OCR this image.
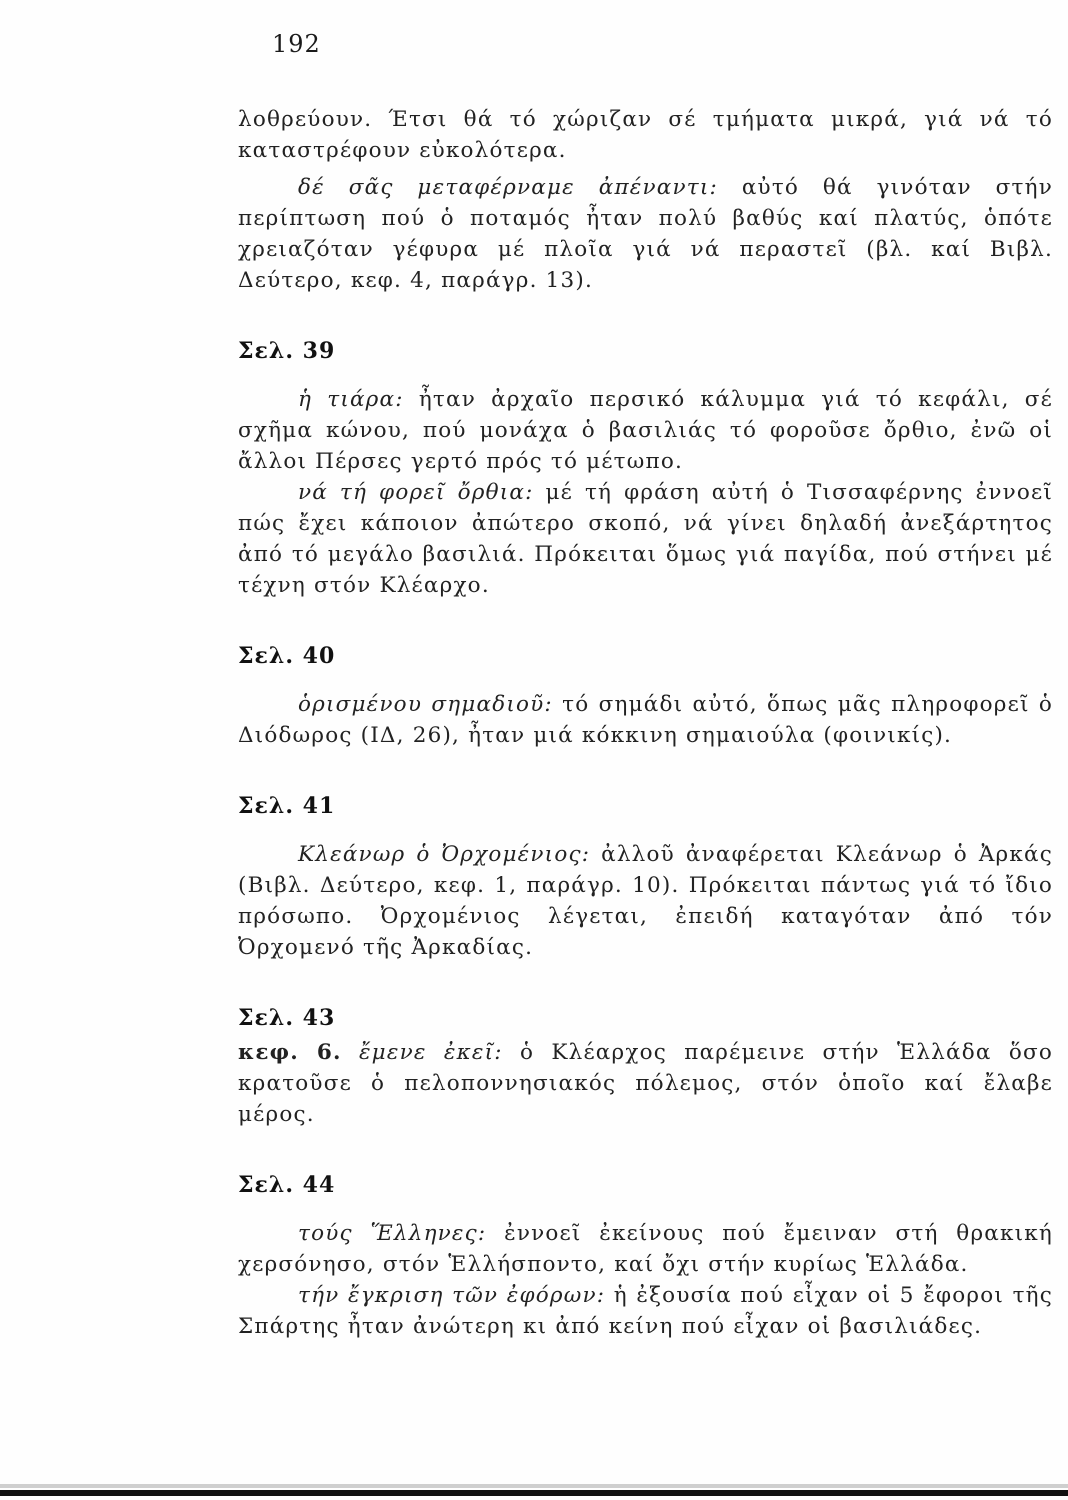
192

λοθρεύουν. Έτσι θά τό χώριζαν σέ τμήματα μικρά, γιά νά τό καταστρέφουν εὐκολότερα.

δέ σᾶς μεταφέρναμε ἀπέναντι: αὐτό θά γινόταν στήν περίπτωση πού ὁ ποταμός ἦταν πολύ βαθύς καί πλατύς, ὁπότε χρειαζόταν γέφυρα μέ πλοῖα γιά νά περαστεῖ (βλ. καί Βιβλ. Δεύτερο, κεφ. 4, παράγρ. 13).

Σελ. 39

ἡ τιάρα: ἦταν ἀρχαῖο περσικό κάλυμμα γιά τό κεφάλι, σέ σχῆμα κώνου, πού μονάχα ὁ βασιλιάς τό φοροῦσε ὄρθιο, ἐνῶ οἱ ἄλλοι Πέρσες γερτό πρός τό μέτωπο.

νά τή φορεῖ ὄρθια: μέ τή φράση αὐτή ὁ Τισσαφέρνης ἐννοεῖ πώς ἔχει κάποιον ἀπώτερο σκοπό, νά γίνει δηλαδή ἀνεξάρτητος ἀπό τό μεγάλο βασιλιά. Πρόκειται ὅμως γιά παγίδα, πού στήνει μέ τέχνη στόν Κλέαρχο.

Σελ. 40

ὁρισμένου σημαδιοῦ: τό σημάδι αὐτό, ὅπως μᾶς πληροφορεῖ ὁ Διόδωρος (ΙΔ, 26), ἦταν μιά κόκκινη σημαιούλα (φοινικίς).

Σελ. 41

Κλεάνωρ ὁ Ὀρχομένιος: ἀλλοῦ ἀναφέρεται Κλεάνωρ ὁ Ἀρκάς (Βιβλ. Δεύτερο, κεφ. 1, παράγρ. 10). Πρόκειται πάντως γιά τό ἴδιο πρόσωπο. Ὀρχομένιος λέγεται, ἐπειδή καταγόταν ἀπό τόν Ὀρχομενό τῆς Ἀρκαδίας.

Σελ. 43

κεφ. 6. ἔμενε ἐκεῖ: ὁ Κλέαρχος παρέμεινε στήν Ἑλλάδα ὅσο κρατοῦσε ὁ πελοποννησιακός πόλεμος, στόν ὁποῖο καί ἔλαβε μέρος.

Σελ. 44

τούς Ἕλληνες: ἐννοεῖ ἐκείνους πού ἔμειναν στή θρακική χερσόνησο, στόν Ἑλλήσποντο, καί ὄχι στήν κυρίως Ἑλλάδα.

τήν ἔγκριση τῶν ἐφόρων: ἡ ἐξουσία πού εἶχαν οἱ 5 ἔφοροι τῆς Σπάρτης ἦταν ἀνώτερη κι ἀπό κείνη πού εἶχαν οἱ βασιλιάδες.
